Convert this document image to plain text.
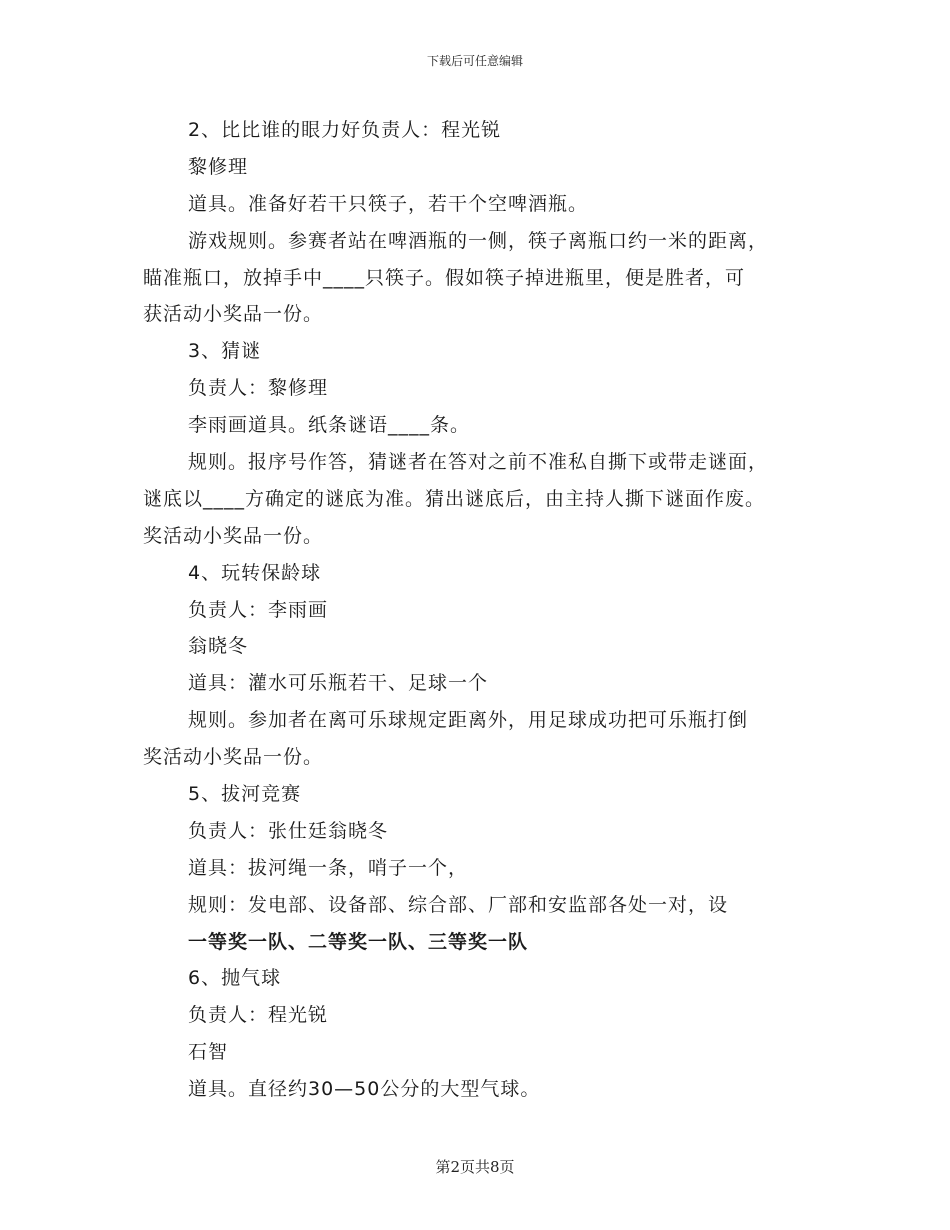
下载后可任意编辑
2、比比谁的眼力好负责人：程光锐
黎修理
道具。准备好若干只筷子，若干个空啤酒瓶。
游戏规则。参赛者站在啤酒瓶的一侧，筷子离瓶口约一米的距离，
瞄准瓶口，放掉手中____只筷子。假如筷子掉进瓶里，便是胜者，可
获活动小奖品一份。
3、猜谜
负责人：黎修理
李雨画道具。纸条谜语____条。
规则。报序号作答，猜谜者在答对之前不准私自撕下或带走谜面，
谜底以____方确定的谜底为准。猜出谜底后，由主持人撕下谜面作废。
奖活动小奖品一份。
4、玩转保龄球
负责人：李雨画
翁晓冬
道具：灌水可乐瓶若干、足球一个
规则。参加者在离可乐球规定距离外，用足球成功把可乐瓶打倒
奖活动小奖品一份。
5、拔河竞赛
负责人：张仕廷翁晓冬
道具：拔河绳一条，哨子一个，
规则：发电部、设备部、综合部、厂部和安监部各处一对，设
一等奖一队、二等奖一队、三等奖一队
6、抛气球
负责人：程光锐
石智
道具。直径约30—50公分的大型气球。
第2页共8页
